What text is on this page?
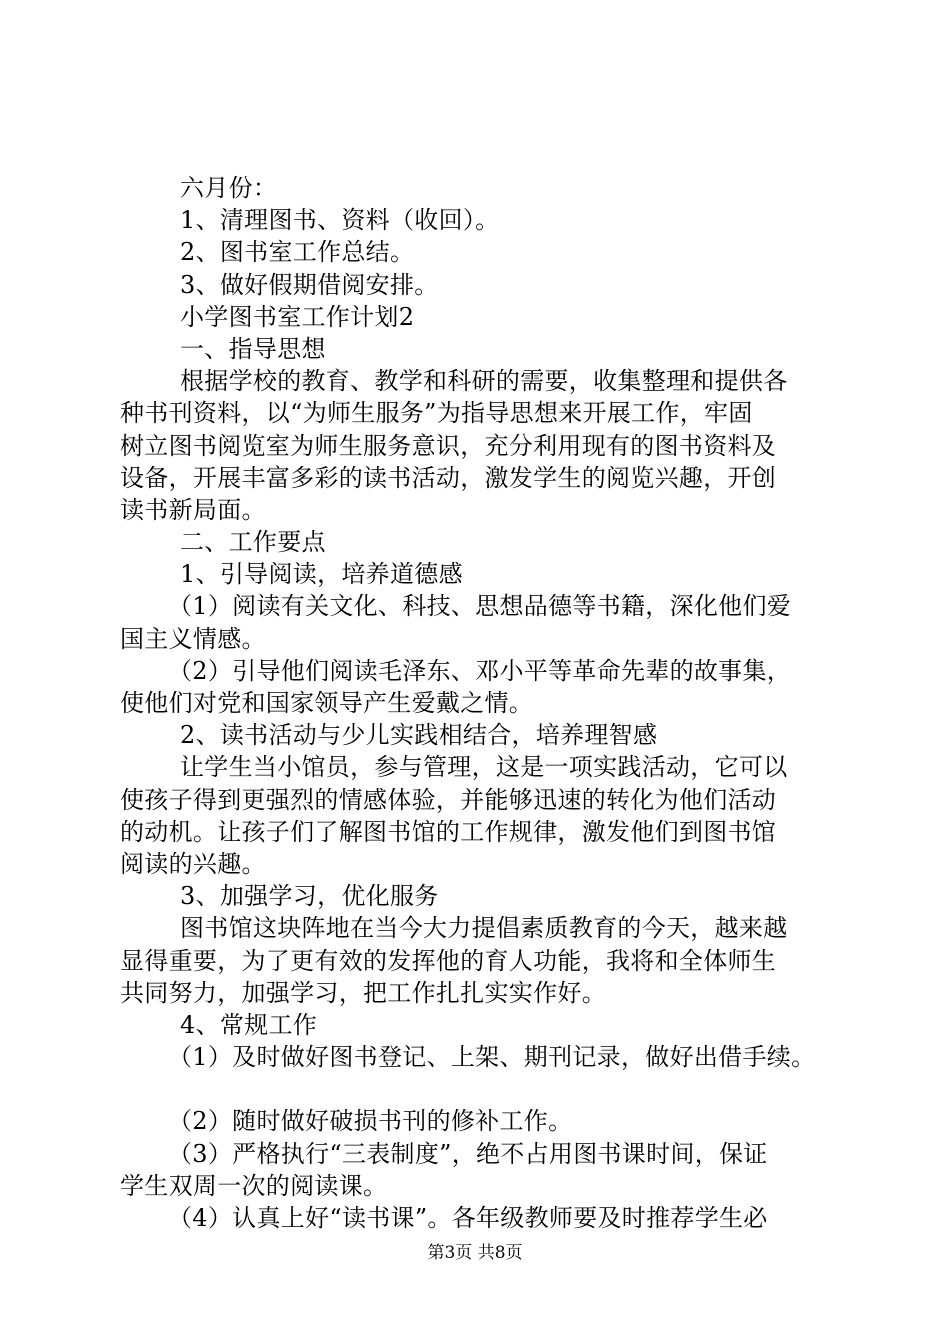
六月份：
1、清理图书、资料（收回）。
2、图书室工作总结。
3、做好假期借阅安排。
小学图书室工作计划2
一、指导思想
根据学校的教育、教学和科研的需要，收集整理和提供各
种书刊资料，以“为师生服务”为指导思想来开展工作，牢固
树立图书阅览室为师生服务意识，充分利用现有的图书资料及
设备，开展丰富多彩的读书活动，激发学生的阅览兴趣，开创
读书新局面。
二、工作要点
1、引导阅读，培养道德感
（1）阅读有关文化、科技、思想品德等书籍，深化他们爱
国主义情感。
（2）引导他们阅读毛泽东、邓小平等革命先辈的故事集，
使他们对党和国家领导产生爱戴之情。
2、读书活动与少儿实践相结合，培养理智感
让学生当小馆员，参与管理，这是一项实践活动，它可以
使孩子得到更强烈的情感体验，并能够迅速的转化为他们活动
的动机。让孩子们了解图书馆的工作规律，激发他们到图书馆
阅读的兴趣。
3、加强学习，优化服务
图书馆这块阵地在当今大力提倡素质教育的今天，越来越
显得重要，为了更有效的发挥他的育人功能，我将和全体师生
共同努力，加强学习，把工作扎扎实实作好。
4、常规工作
（1）及时做好图书登记、上架、期刊记录，做好出借手续。
（2）随时做好破损书刊的修补工作。
（3）严格执行“三表制度”，绝不占用图书课时间，保证
学生双周一次的阅读课。
（4）认真上好“读书课”。各年级教师要及时推荐学生必
第3页 共8页
